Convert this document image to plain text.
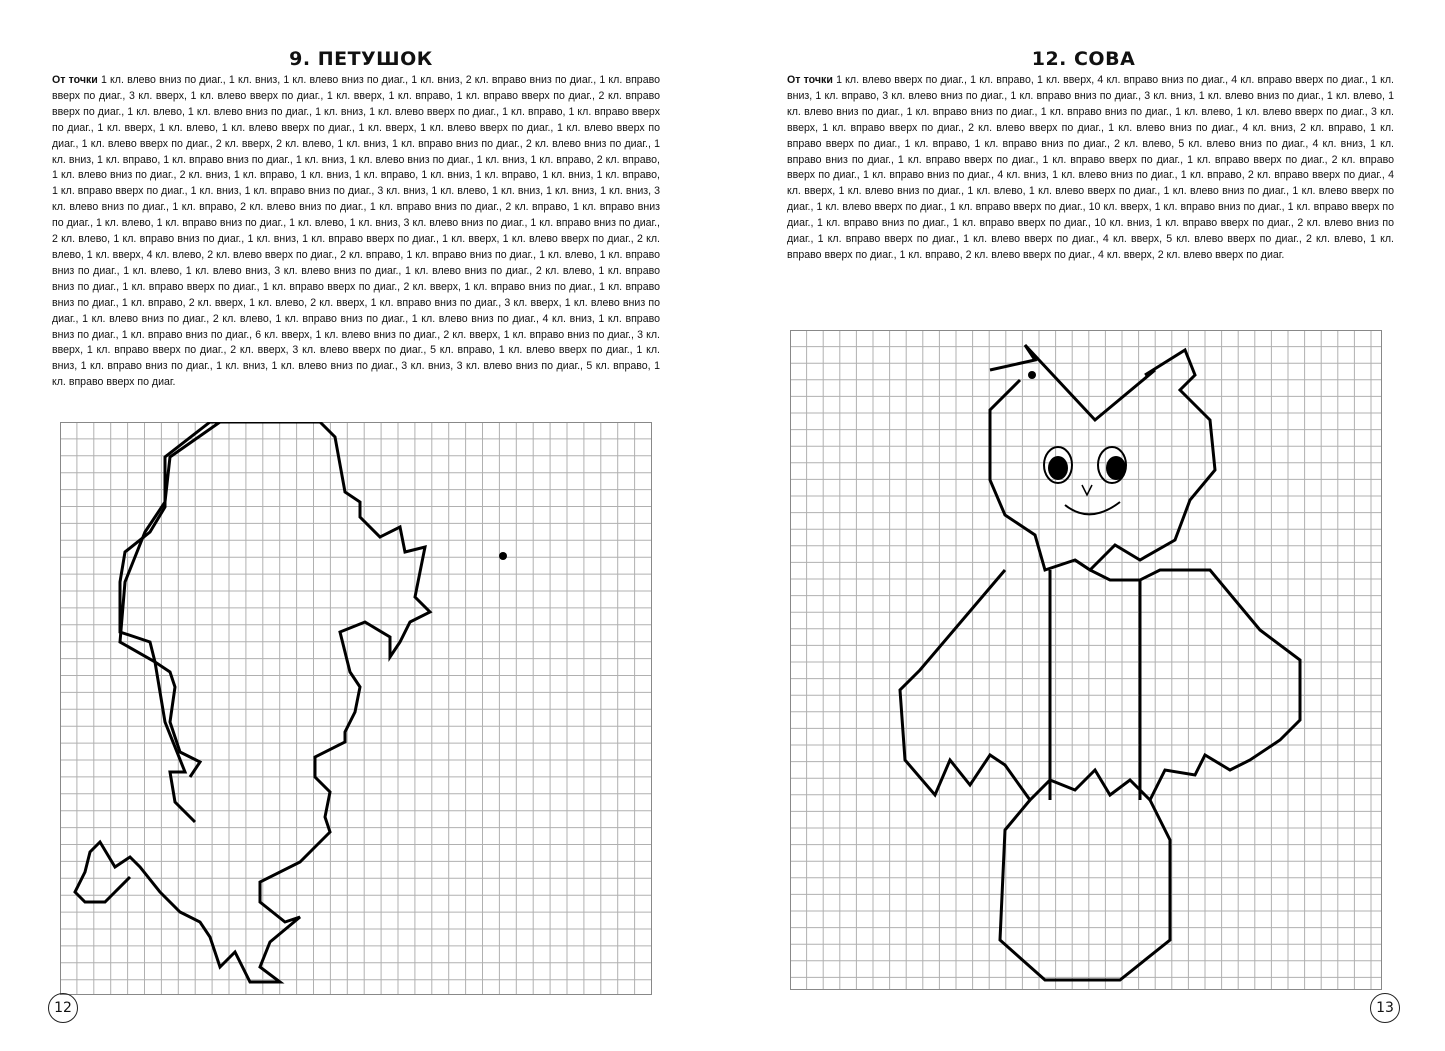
9. ПЕТУШОК

От точки 1 кл. влево вниз по диаг., 1 кл. вниз, 1 кл. влево вниз по диаг., 1 кл. вниз, 2 кл. вправо вниз по диаг., 1 кл. вправо вверх по диаг., 3 кл. вверх, 1 кл. влево вверх по диаг., 1 кл. вверх, 1 кл. вправо, 1 кл. вправо вверх по диаг., 2 кл. вправо вверх по диаг., 1 кл. влево, 1 кл. влево вниз по диаг., 1 кл. вниз, 1 кл. влево вверх по диаг., 1 кл. вправо, 1 кл. вправо вверх по диаг., 1 кл. вверх, 1 кл. влево, 1 кл. влево вверх по диаг., 1 кл. вверх, 1 кл. влево вверх по диаг., 1 кл. влево вверх по диаг., 1 кл. влево вверх по диаг., 2 кл. вверх, 2 кл. влево, 1 кл. вниз, 1 кл. вправо вниз по диаг., 2 кл. влево вниз по диаг., 1 кл. вниз, 1 кл. вправо, 1 кл. вправо вниз по диаг., 1 кл. вниз, 1 кл. влево вниз по диаг., 1 кл. вниз, 1 кл. вправо, 2 кл. вправо, 1 кл. влево вниз по диаг., 2 кл. вниз, 1 кл. вправо, 1 кл. вниз, 1 кл. вправо, 1 кл. вниз, 1 кл. вправо, 1 кл. вниз, 1 кл. вправо, 1 кл. вправо вверх по диаг., 1 кл. вниз, 1 кл. вправо вниз по диаг., 3 кл. вниз, 1 кл. влево, 1 кл. вниз, 1 кл. вниз, 1 кл. вниз, 3 кл. влево вниз по диаг., 1 кл. вправо, 2 кл. влево вниз по диаг., 1 кл. вправо вниз по диаг., 2 кл. вправо, 1 кл. вправо вниз по диаг., 1 кл. влево, 1 кл. вправо вниз по диаг., 1 кл. влево, 1 кл. вниз, 3 кл. влево вниз по диаг., 1 кл. вправо вниз по диаг., 2 кл. влево, 1 кл. вправо вниз по диаг., 1 кл. вниз, 1 кл. вправо вверх по диаг., 1 кл. вверх, 1 кл. влево вверх по диаг., 2 кл. влево, 1 кл. вверх, 4 кл. влево, 2 кл. влево вверх по диаг., 2 кл. вправо, 1 кл. вправо вниз по диаг., 1 кл. влево, 1 кл. вправо вниз по диаг., 1 кл. влево, 1 кл. влево вниз, 3 кл. влево вниз по диаг., 1 кл. влево вниз по диаг., 2 кл. влево, 1 кл. вправо вниз по диаг., 1 кл. вправо вверх по диаг., 1 кл. вправо вверх по диаг., 2 кл. вверх, 1 кл. вправо вниз по диаг., 1 кл. вправо вниз по диаг., 1 кл. вправо, 2 кл. вверх, 1 кл. влево, 2 кл. вверх, 1 кл. вправо вниз по диаг., 3 кл. вверх, 1 кл. влево вниз по диаг., 1 кл. влево вниз по диаг., 2 кл. влево, 1 кл. вправо вниз по диаг., 1 кл. влево вниз по диаг., 4 кл. вниз, 1 кл. вправо вниз по диаг., 1 кл. вправо вниз по диаг., 6 кл. вверх, 1 кл. влево вниз по диаг., 2 кл. вверх, 1 кл. вправо вниз по диаг., 3 кл. вверх, 1 кл. вправо вверх по диаг., 2 кл. вверх, 3 кл. влево вверх по диаг., 5 кл. вправо, 1 кл. влево вверх по диаг., 1 кл. вниз, 1 кл. вправо вниз по диаг., 1 кл. вниз, 1 кл. влево вниз по диаг., 3 кл. вниз, 3 кл. влево вниз по диаг., 5 кл. вправо, 1 кл. вправо вверх по диаг.

12
12. СОВА

От точки 1 кл. влево вверх по диаг., 1 кл. вправо, 1 кл. вверх, 4 кл. вправо вниз по диаг., 4 кл. вправо вверх по диаг., 1 кл. вниз, 1 кл. вправо, 3 кл. влево вниз по диаг., 1 кл. вправо вниз по диаг., 3 кл. вниз, 1 кл. влево вниз по диаг., 1 кл. влево, 1 кл. влево вниз по диаг., 1 кл. вправо вниз по диаг., 1 кл. вправо вниз по диаг., 1 кл. влево, 1 кл. влево вверх по диаг., 3 кл. вверх, 1 кл. вправо вверх по диаг., 2 кл. влево вверх по диаг., 1 кл. влево вниз по диаг., 4 кл. вниз, 2 кл. вправо, 1 кл. вправо вверх по диаг., 1 кл. вправо, 1 кл. вправо вниз по диаг., 2 кл. влево, 5 кл. влево вниз по диаг., 4 кл. вниз, 1 кл. вправо вниз по диаг., 1 кл. вправо вверх по диаг., 1 кл. вправо вверх по диаг., 1 кл. вправо вверх по диаг., 2 кл. вправо вверх по диаг., 1 кл. вправо вниз по диаг., 4 кл. вниз, 1 кл. влево вниз по диаг., 1 кл. вправо, 2 кл. вправо вверх по диаг., 4 кл. вверх, 1 кл. влево вниз по диаг., 1 кл. влево, 1 кл. влево вверх по диаг., 1 кл. влево вниз по диаг., 1 кл. влево вверх по диаг., 1 кл. влево вверх по диаг., 1 кл. вправо вверх по диаг., 10 кл. вверх, 1 кл. вправо вниз по диаг., 1 кл. вправо вверх по диаг., 1 кл. вправо вниз по диаг., 1 кл. вправо вверх по диаг., 10 кл. вниз, 1 кл. вправо вверх по диаг., 2 кл. влево вниз по диаг., 1 кл. вправо вверх по диаг., 1 кл. влево вверх по диаг., 4 кл. вверх, 5 кл. влево вверх по диаг., 2 кл. влево, 1 кл. вправо вверх по диаг., 1 кл. вправо, 2 кл. влево вверх по диаг., 4 кл. вверх, 2 кл. влево вверх по диаг.

13
